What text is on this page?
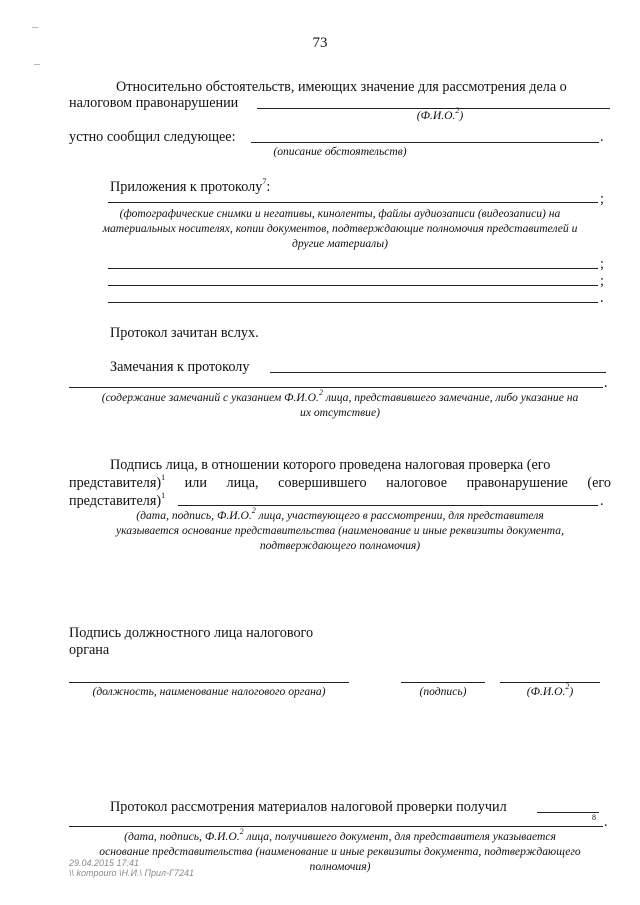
73
Относительно обстоятельств, имеющих значение для рассмотрения дела о
налоговом правонарушении
(Ф.И.О.$^2$)
устно сообщил следующее:	.
(описание обстоятельств)
Приложения к протоколу$^7$:
;
(фотографические снимки и негативы, киноленты, файлы аудиозаписи (видеозаписи) на
материальных носителях, копии документов, подтверждающие полномочия представителей и
другие материалы)
;
;
.
Протокол зачитан вслух.
Замечания к протоколу
.
(содержание замечаний с указанием Ф.И.О.$^2$ лица, представившего замечание, либо указание на
их отсутствие)
Подпись лица, в отношении которого проведена налоговая проверка (его
представителя)$^1$ или лица, совершившего налоговое правонарушение (его
представителя)$^1$	.
(дата, подпись, Ф.И.О.$^2$ лица, участвующего в рассмотрении, для представителя
указывается основание представительства (наименование и иные реквизиты документа,
подтверждающего полномочия)
Подпись должностного лица налогового
органа
(должность, наименование налогового органа)	(подпись)	(Ф.И.О.$^2$)
Протокол рассмотрения материалов налоговой проверки получил
8 .
(дата, подпись, Ф.И.О.$^2$ лица, получившего документ, для представителя указывается
основание представительства (наименование и иные реквизиты документа, подтверждающего
полномочия)
29.04.2015 17:41
\\ kompouro \Н.И.\ Прил-Г7241
